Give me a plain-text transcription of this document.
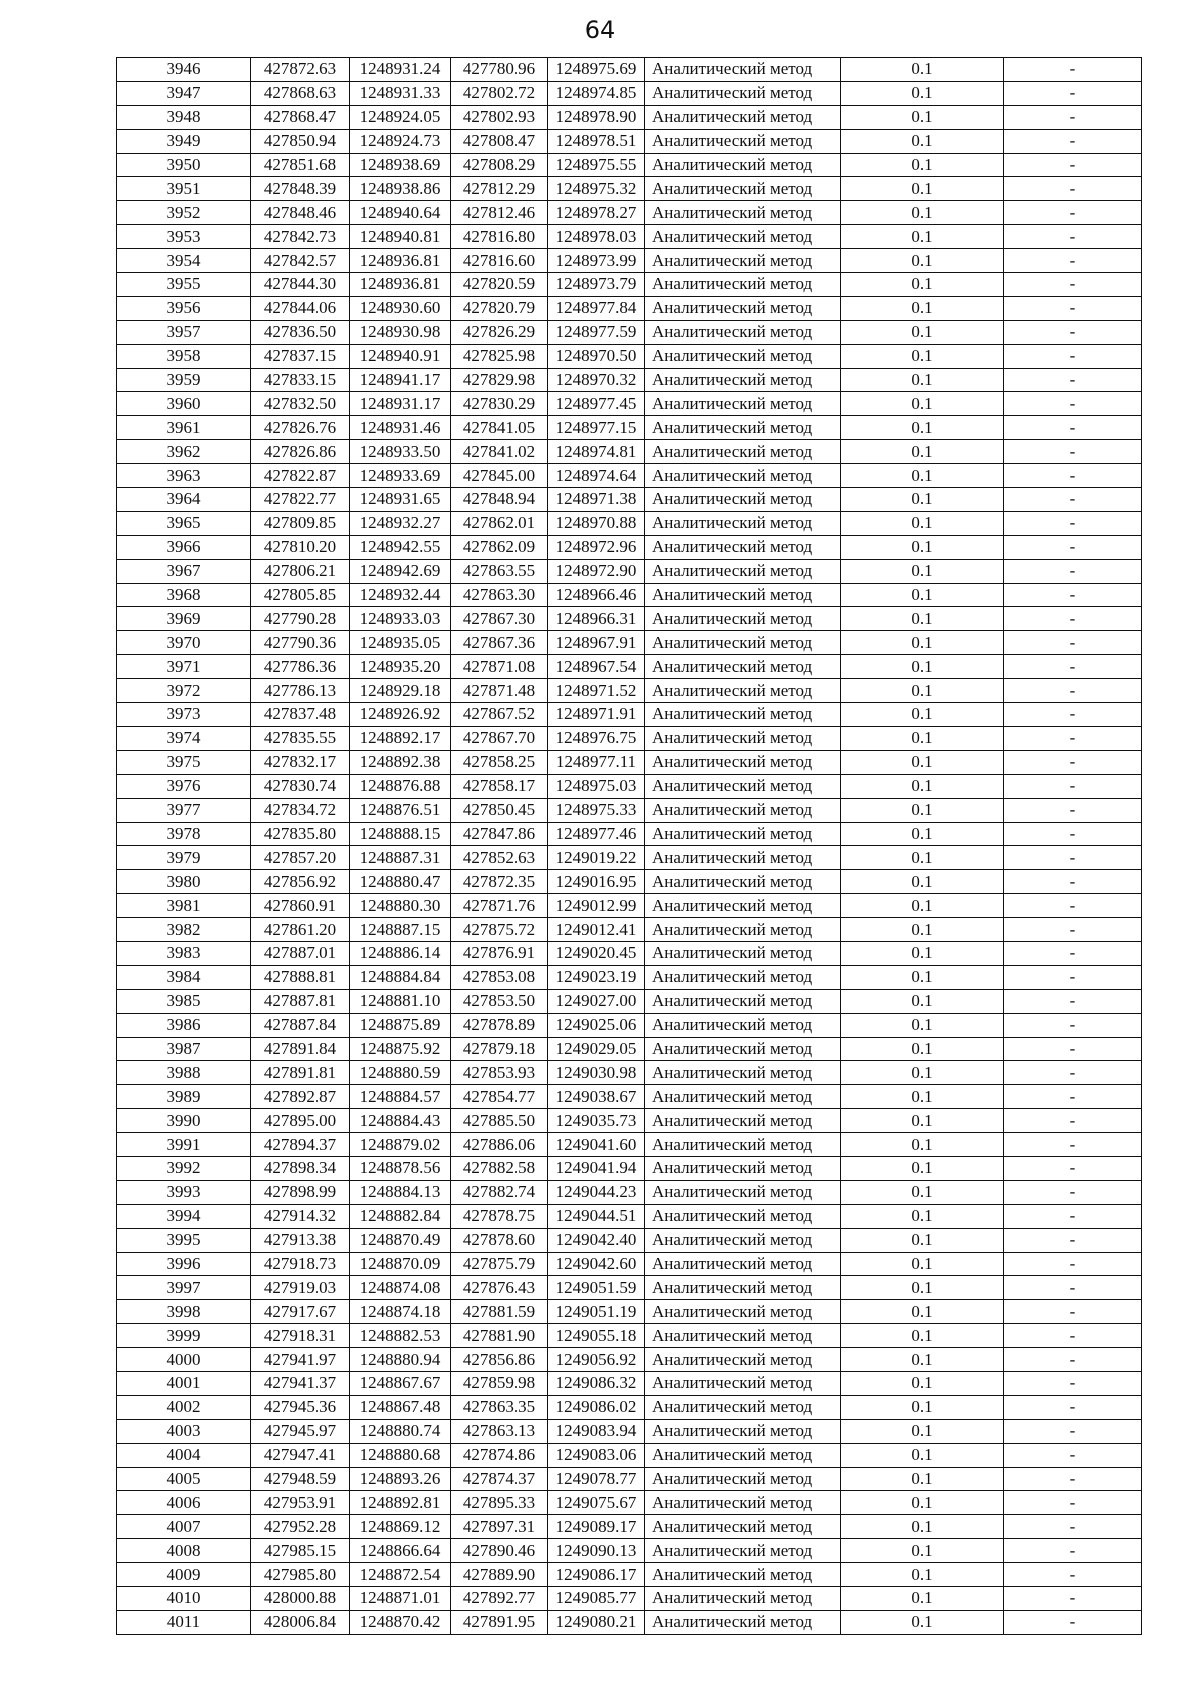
64
3946	427872.63	1248931.24	427780.96	1248975.69	Аналитический метод	0.1	-
3947	427868.63	1248931.33	427802.72	1248974.85	Аналитический метод	0.1	-
3948	427868.47	1248924.05	427802.93	1248978.90	Аналитический метод	0.1	-
3949	427850.94	1248924.73	427808.47	1248978.51	Аналитический метод	0.1	-
3950	427851.68	1248938.69	427808.29	1248975.55	Аналитический метод	0.1	-
3951	427848.39	1248938.86	427812.29	1248975.32	Аналитический метод	0.1	-
3952	427848.46	1248940.64	427812.46	1248978.27	Аналитический метод	0.1	-
3953	427842.73	1248940.81	427816.80	1248978.03	Аналитический метод	0.1	-
3954	427842.57	1248936.81	427816.60	1248973.99	Аналитический метод	0.1	-
3955	427844.30	1248936.81	427820.59	1248973.79	Аналитический метод	0.1	-
3956	427844.06	1248930.60	427820.79	1248977.84	Аналитический метод	0.1	-
3957	427836.50	1248930.98	427826.29	1248977.59	Аналитический метод	0.1	-
3958	427837.15	1248940.91	427825.98	1248970.50	Аналитический метод	0.1	-
3959	427833.15	1248941.17	427829.98	1248970.32	Аналитический метод	0.1	-
3960	427832.50	1248931.17	427830.29	1248977.45	Аналитический метод	0.1	-
3961	427826.76	1248931.46	427841.05	1248977.15	Аналитический метод	0.1	-
3962	427826.86	1248933.50	427841.02	1248974.81	Аналитический метод	0.1	-
3963	427822.87	1248933.69	427845.00	1248974.64	Аналитический метод	0.1	-
3964	427822.77	1248931.65	427848.94	1248971.38	Аналитический метод	0.1	-
3965	427809.85	1248932.27	427862.01	1248970.88	Аналитический метод	0.1	-
3966	427810.20	1248942.55	427862.09	1248972.96	Аналитический метод	0.1	-
3967	427806.21	1248942.69	427863.55	1248972.90	Аналитический метод	0.1	-
3968	427805.85	1248932.44	427863.30	1248966.46	Аналитический метод	0.1	-
3969	427790.28	1248933.03	427867.30	1248966.31	Аналитический метод	0.1	-
3970	427790.36	1248935.05	427867.36	1248967.91	Аналитический метод	0.1	-
3971	427786.36	1248935.20	427871.08	1248967.54	Аналитический метод	0.1	-
3972	427786.13	1248929.18	427871.48	1248971.52	Аналитический метод	0.1	-
3973	427837.48	1248926.92	427867.52	1248971.91	Аналитический метод	0.1	-
3974	427835.55	1248892.17	427867.70	1248976.75	Аналитический метод	0.1	-
3975	427832.17	1248892.38	427858.25	1248977.11	Аналитический метод	0.1	-
3976	427830.74	1248876.88	427858.17	1248975.03	Аналитический метод	0.1	-
3977	427834.72	1248876.51	427850.45	1248975.33	Аналитический метод	0.1	-
3978	427835.80	1248888.15	427847.86	1248977.46	Аналитический метод	0.1	-
3979	427857.20	1248887.31	427852.63	1249019.22	Аналитический метод	0.1	-
3980	427856.92	1248880.47	427872.35	1249016.95	Аналитический метод	0.1	-
3981	427860.91	1248880.30	427871.76	1249012.99	Аналитический метод	0.1	-
3982	427861.20	1248887.15	427875.72	1249012.41	Аналитический метод	0.1	-
3983	427887.01	1248886.14	427876.91	1249020.45	Аналитический метод	0.1	-
3984	427888.81	1248884.84	427853.08	1249023.19	Аналитический метод	0.1	-
3985	427887.81	1248881.10	427853.50	1249027.00	Аналитический метод	0.1	-
3986	427887.84	1248875.89	427878.89	1249025.06	Аналитический метод	0.1	-
3987	427891.84	1248875.92	427879.18	1249029.05	Аналитический метод	0.1	-
3988	427891.81	1248880.59	427853.93	1249030.98	Аналитический метод	0.1	-
3989	427892.87	1248884.57	427854.77	1249038.67	Аналитический метод	0.1	-
3990	427895.00	1248884.43	427885.50	1249035.73	Аналитический метод	0.1	-
3991	427894.37	1248879.02	427886.06	1249041.60	Аналитический метод	0.1	-
3992	427898.34	1248878.56	427882.58	1249041.94	Аналитический метод	0.1	-
3993	427898.99	1248884.13	427882.74	1249044.23	Аналитический метод	0.1	-
3994	427914.32	1248882.84	427878.75	1249044.51	Аналитический метод	0.1	-
3995	427913.38	1248870.49	427878.60	1249042.40	Аналитический метод	0.1	-
3996	427918.73	1248870.09	427875.79	1249042.60	Аналитический метод	0.1	-
3997	427919.03	1248874.08	427876.43	1249051.59	Аналитический метод	0.1	-
3998	427917.67	1248874.18	427881.59	1249051.19	Аналитический метод	0.1	-
3999	427918.31	1248882.53	427881.90	1249055.18	Аналитический метод	0.1	-
4000	427941.97	1248880.94	427856.86	1249056.92	Аналитический метод	0.1	-
4001	427941.37	1248867.67	427859.98	1249086.32	Аналитический метод	0.1	-
4002	427945.36	1248867.48	427863.35	1249086.02	Аналитический метод	0.1	-
4003	427945.97	1248880.74	427863.13	1249083.94	Аналитический метод	0.1	-
4004	427947.41	1248880.68	427874.86	1249083.06	Аналитический метод	0.1	-
4005	427948.59	1248893.26	427874.37	1249078.77	Аналитический метод	0.1	-
4006	427953.91	1248892.81	427895.33	1249075.67	Аналитический метод	0.1	-
4007	427952.28	1248869.12	427897.31	1249089.17	Аналитический метод	0.1	-
4008	427985.15	1248866.64	427890.46	1249090.13	Аналитический метод	0.1	-
4009	427985.80	1248872.54	427889.90	1249086.17	Аналитический метод	0.1	-
4010	428000.88	1248871.01	427892.77	1249085.77	Аналитический метод	0.1	-
4011	428006.84	1248870.42	427891.95	1249080.21	Аналитический метод	0.1	-
